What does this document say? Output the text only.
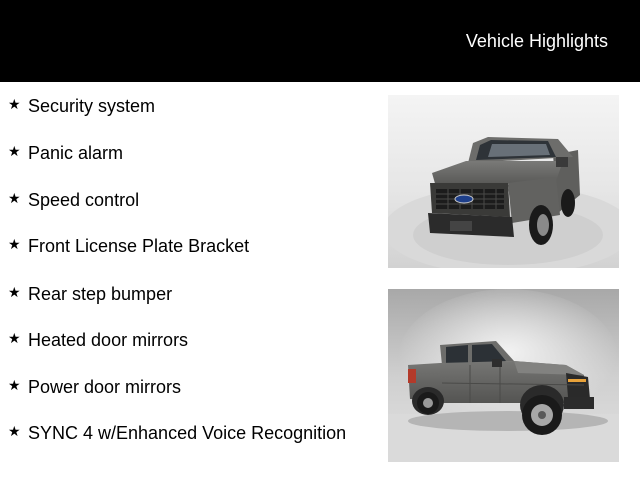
Vehicle Highlights
★ Security system
★ Panic alarm
★ Speed control
★ Front License Plate Bracket
★ Rear step bumper
★ Heated door mirrors
★ Power door mirrors
★ SYNC 4 w/Enhanced Voice Recognition
